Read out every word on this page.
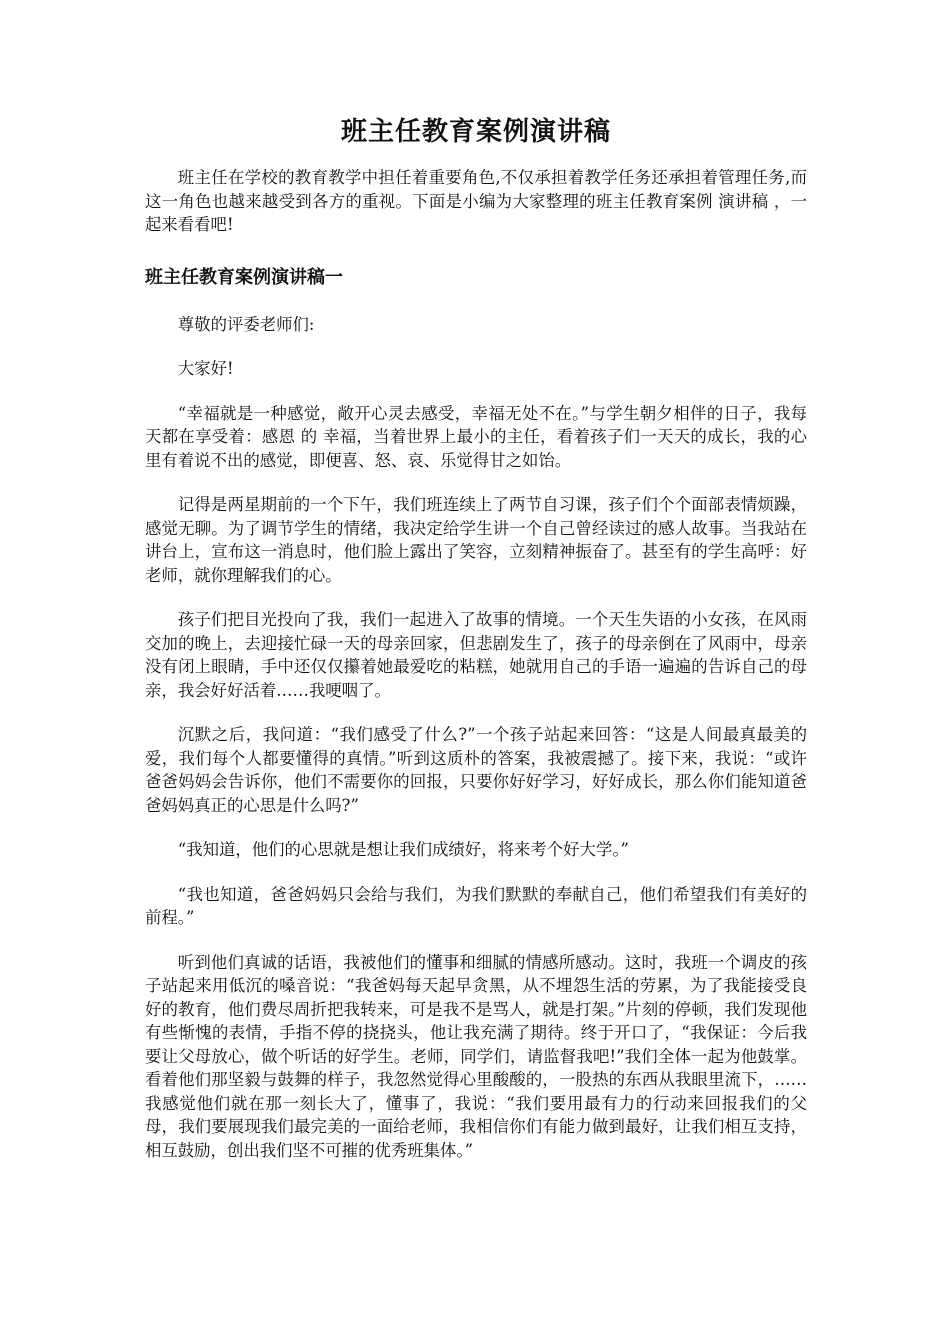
班主任教育案例演讲稿

班主任在学校的教育教学中担任着重要角色,不仅承担着教学任务还承担着管理任务,而这一角色也越来越受到各方的重视。下面是小编为大家整理的班主任教育案例 演讲稿 ，一起来看看吧!

班主任教育案例演讲稿一

尊敬的评委老师们:

大家好!

“幸福就是一种感觉，敞开心灵去感受，幸福无处不在。”与学生朝夕相伴的日子，我每天都在享受着：感恩 的 幸福，当着世界上最小的主任，看着孩子们一天天的成长，我的心里有着说不出的感觉，即便喜、怒、哀、乐觉得甘之如饴。

记得是两星期前的一个下午，我们班连续上了两节自习课，孩子们个个面部表情烦躁，感觉无聊。为了调节学生的情绪，我决定给学生讲一个自己曾经读过的感人故事。当我站在讲台上，宣布这一消息时，他们脸上露出了笑容，立刻精神振奋了。甚至有的学生高呼：好老师，就你理解我们的心。

孩子们把目光投向了我，我们一起进入了故事的情境。一个天生失语的小女孩，在风雨交加的晚上，去迎接忙碌一天的母亲回家，但悲剧发生了，孩子的母亲倒在了风雨中，母亲没有闭上眼睛，手中还仅仅攥着她最爱吃的粘糕，她就用自己的手语一遍遍的告诉自己的母亲，我会好好活着……我哽咽了。

沉默之后，我问道：“我们感受了什么?”一个孩子站起来回答：“这是人间最真最美的爱，我们每个人都要懂得的真情。”听到这质朴的答案，我被震撼了。接下来，我说：“或许爸爸妈妈会告诉你，他们不需要你的回报，只要你好好学习，好好成长，那么你们能知道爸爸妈妈真正的心思是什么吗?”

“我知道，他们的心思就是想让我们成绩好，将来考个好大学。”

“我也知道，爸爸妈妈只会给与我们，为我们默默的奉献自己，他们希望我们有美好的前程。”

听到他们真诚的话语，我被他们的懂事和细腻的情感所感动。这时，我班一个调皮的孩子站起来用低沉的嗓音说：“我爸妈每天起早贪黑，从不埋怨生活的劳累，为了我能接受良好的教育，他们费尽周折把我转来，可是我不是骂人，就是打架。”片刻的停顿，我们发现他有些惭愧的表情，手指不停的挠挠头，他让我充满了期待。终于开口了，“我保证：今后我要让父母放心，做个听话的好学生。老师，同学们，请监督我吧!”我们全体一起为他鼓掌。看着他们那坚毅与鼓舞的样子，我忽然觉得心里酸酸的，一股热的东西从我眼里流下，……我感觉他们就在那一刻长大了，懂事了，我说：“我们要用最有力的行动来回报我们的父母，我们要展现我们最完美的一面给老师，我相信你们有能力做到最好，让我们相互支持，相互鼓励，创出我们坚不可摧的优秀班集体。”
